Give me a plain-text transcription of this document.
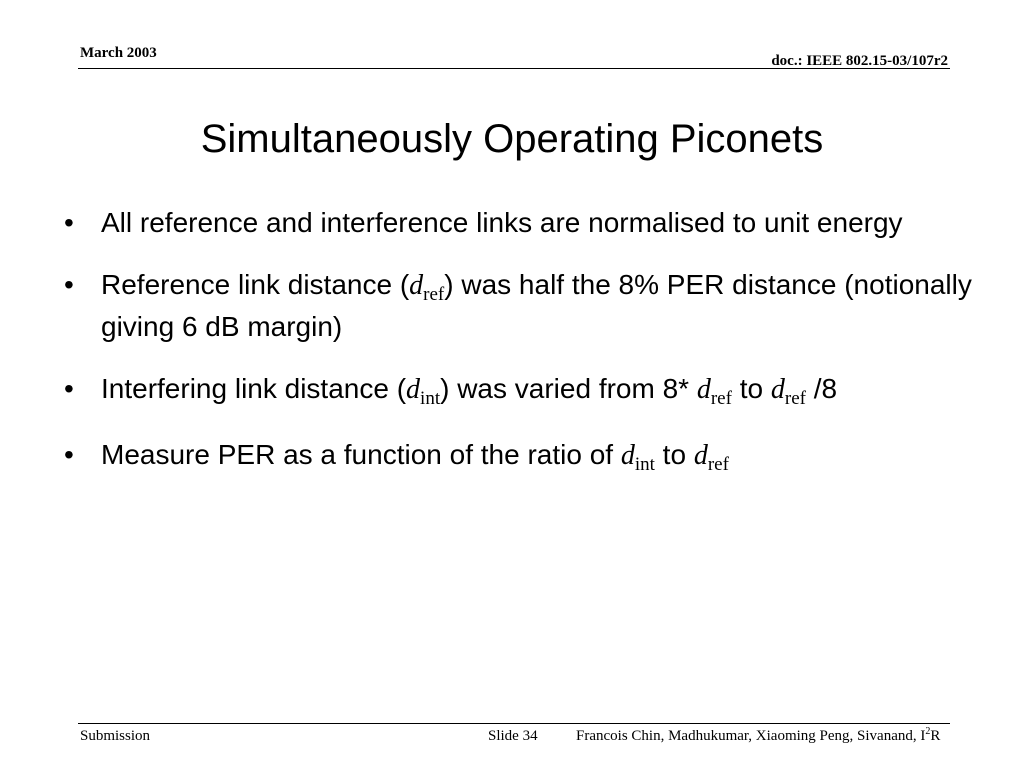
March 2003	doc.: IEEE 802.15-03/107r2
Simultaneously Operating Piconets
• All reference and interference links are normalised to unit energy
• Reference link distance $(d_{ref})$ was half the 8% PER distance (notionally giving 6 dB margin)
• Interfering link distance $(d_{int})$ was varied from 8* $d_{ref}$ to $d_{ref}$ /8
• Measure PER as a function of the ratio of $d_{int}$ to $d_{ref}$
Submission	Slide 34	Francois Chin, Madhukumar, Xiaoming Peng, Sivanand, $I^2R$
